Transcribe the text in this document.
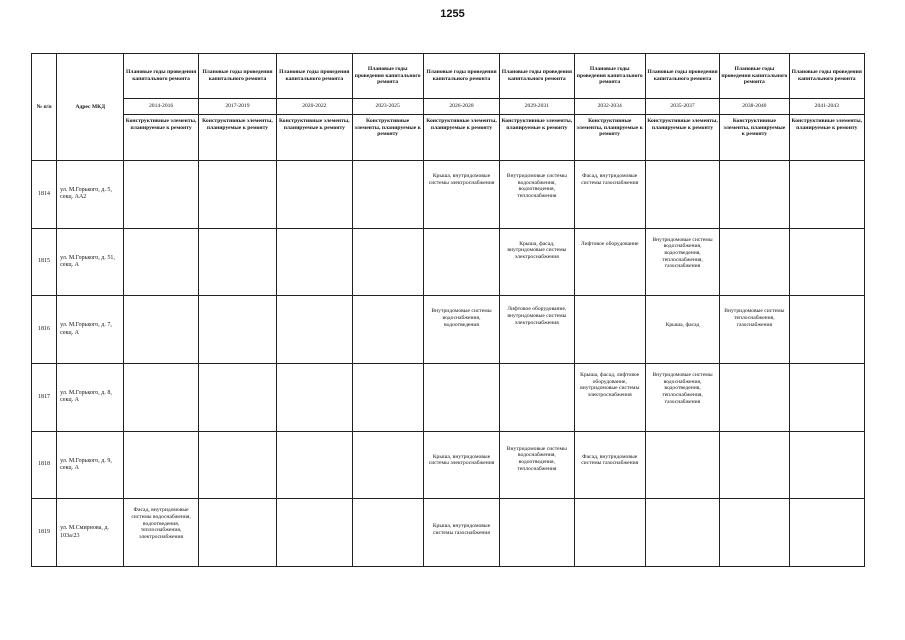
1255
№ п/п	Адрес МКД	Плановые годы проведения капитального ремонта	Плановые годы проведения капитального ремонта	Плановые годы проведения капитального ремонта	Плановые годы проведения капитального ремонта	Плановые годы проведения капитального ремонта	Плановые годы проведения капитального ремонта	Плановые годы проведения капитального ремонта	Плановые годы проведения капитального ремонта	Плановые годы проведения капитального ремонта	Плановые годы проведения капитального ремонта
		2014-2016	2017-2019	2020-2022	2023-2025	2026-2028	2029-2031	2032-2034	2035-2037	2038-2040	2041-2043
		Конструктивные элементы, планируемые к ремонту	Конструктивные элементы, планируемые к ремонту	Конструктивные элементы, планируемые к ремонту	Конструктивные элементы, планируемые к ремонту	Конструктивные элементы, планируемые к ремонту	Конструктивные элементы, планируемые к ремонту	Конструктивные элементы, планируемые к ремонту	Конструктивные элементы, планируемые к ремонту	Конструктивные элементы, планируемые к ремонту	Конструктивные элементы, планируемые к ремонту
1814	ул. М.Горького, д. 5, секц. АА2					Крыша, внутридомовые системы электроснабжения	Внутридомовые системы водоснабжения, водоотведения, теплоснабжения	Фасад, внутридомовые системы газоснабжения			
1815	ул. М.Горького, д. 51, секц. А						Крыша, фасад, внутридомовые системы электроснабжения	Лифтовое оборудование	Внутридомовые системы водоснабжения, водоотведения, теплоснабжения, газоснабжения		
1816	ул. М.Горького, д. 7, секц. А					Внутридомовые системы водоснабжения, водоотведения	Лифтовое оборудование, внутридомовые системы электроснабжения		Крыша, фасад	Внутридомовые системы теплоснабжения, газоснабжения	
1817	ул. М.Горького, д. 8, секц. А							Крыша, фасад, лифтовое оборудование, внутридомовые системы электроснабжения	Внутридомовые системы водоснабжения, водоотведения, теплоснабжения, газоснабжения		
1818	ул. М.Горького, д. 9, секц. А					Крыша, внутридомовые системы электроснабжения	Внутридомовые системы водоснабжения, водоотведения, теплоснабжения	Фасад, внутридомовые системы газоснабжения			
1819	ул. М.Смирнова, д. 103а/23	Фасад, внутридомовые системы водоснабжения, водоотведения, теплоснабжения, электроснабжения				Крыша, внутридомовые системы газоснабжения					
